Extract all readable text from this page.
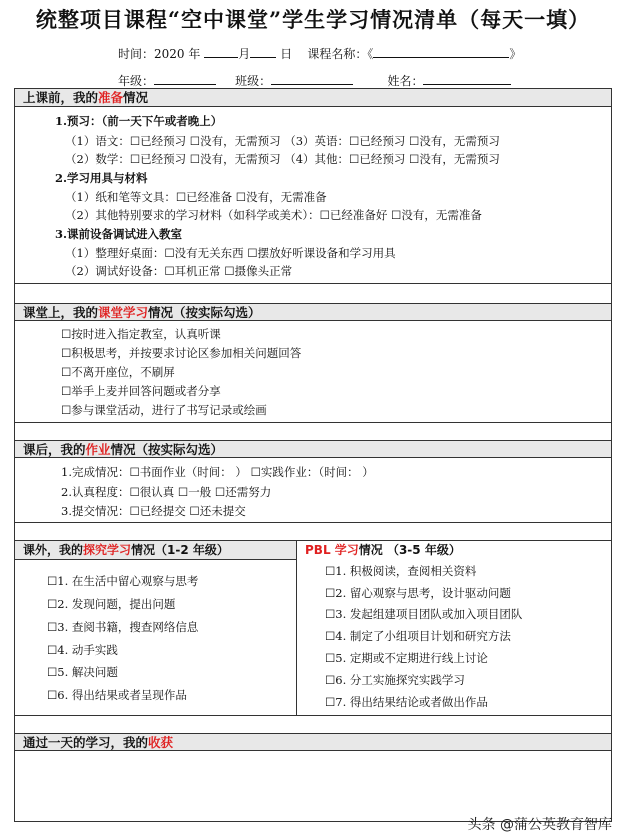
统整项目课程“空中课堂”学生学习情况清单（每天一填）
时间：2020 年	月 日 课程名称：《	》
年级：	班级：	姓名：
上课前，我的准备情况
1.预习：（前一天下午或者晚上）
（1）语文：☐已经预习 ☐没有，无需预习 （3）英语：☐已经预习 ☐没有，无需预习
（2）数学：☐已经预习 ☐没有，无需预习 （4）其他：☐已经预习 ☐没有，无需预习
2.学习用具与材料
（1）纸和笔等文具：☐已经准备 ☐没有，无需准备
（2）其他特别要求的学习材料（如科学或美术）：☐已经准备好 ☐没有，无需准备
3.课前设备调试进入教室
（1）整理好桌面：☐没有无关东西 ☐摆放好听课设备和学习用具
（2）调试好设备：☐耳机正常 ☐摄像头正常
课堂上，我的课堂学习情况（按实际勾选）
☐按时进入指定教室，认真听课
☐积极思考，并按要求讨论区参加相关问题回答
☐不离开座位，不刷屏
☐举手上麦并回答问题或者分享
☐参与课堂活动，进行了书写记录或绘画
课后，我的作业情况（按实际勾选）
1.完成情况：☐书面作业（时间： ） ☐实践作业：（时间： ）
2.认真程度：☐很认真 ☐一般 ☐还需努力
3.提交情况：☐已经提交 ☐还未提交
课外，我的探究学习情况（1-2 年级）	PBL 学习情况 （3-5 年级）
☐1. 在生活中留心观察与思考
☐2. 发现问题，提出问题
☐3. 查阅书籍，搜查网络信息
☐4. 动手实践
☐5. 解决问题
☐6. 得出结果或者呈现作品
☐1. 积极阅读，查阅相关资料
☐2. 留心观察与思考，设计驱动问题
☐3. 发起组建项目团队或加入项目团队
☐4. 制定了小组项目计划和研究方法
☐5. 定期或不定期进行线上讨论
☐6. 分工实施探究实践学习
☐7. 得出结果结论或者做出作品
通过一天的学习，我的收获
头条 @蒲公英教育智库
